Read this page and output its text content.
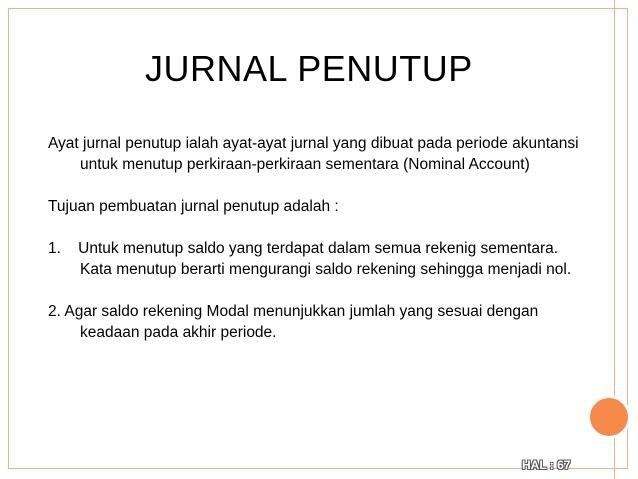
JURNAL PENUTUP

Ayat jurnal penutup ialah ayat-ayat jurnal yang dibuat pada periode akuntansi untuk menutup perkiraan-perkiraan sementara (Nominal Account)

Tujuan pembuatan jurnal penutup adalah :

1.    Untuk menutup saldo yang terdapat dalam semua rekenig sementara. Kata menutup berarti mengurangi saldo rekening sehingga menjadi nol.

2. Agar saldo rekening Modal menunjukkan jumlah yang sesuai dengan keadaan pada akhir periode.

HAL : 67
